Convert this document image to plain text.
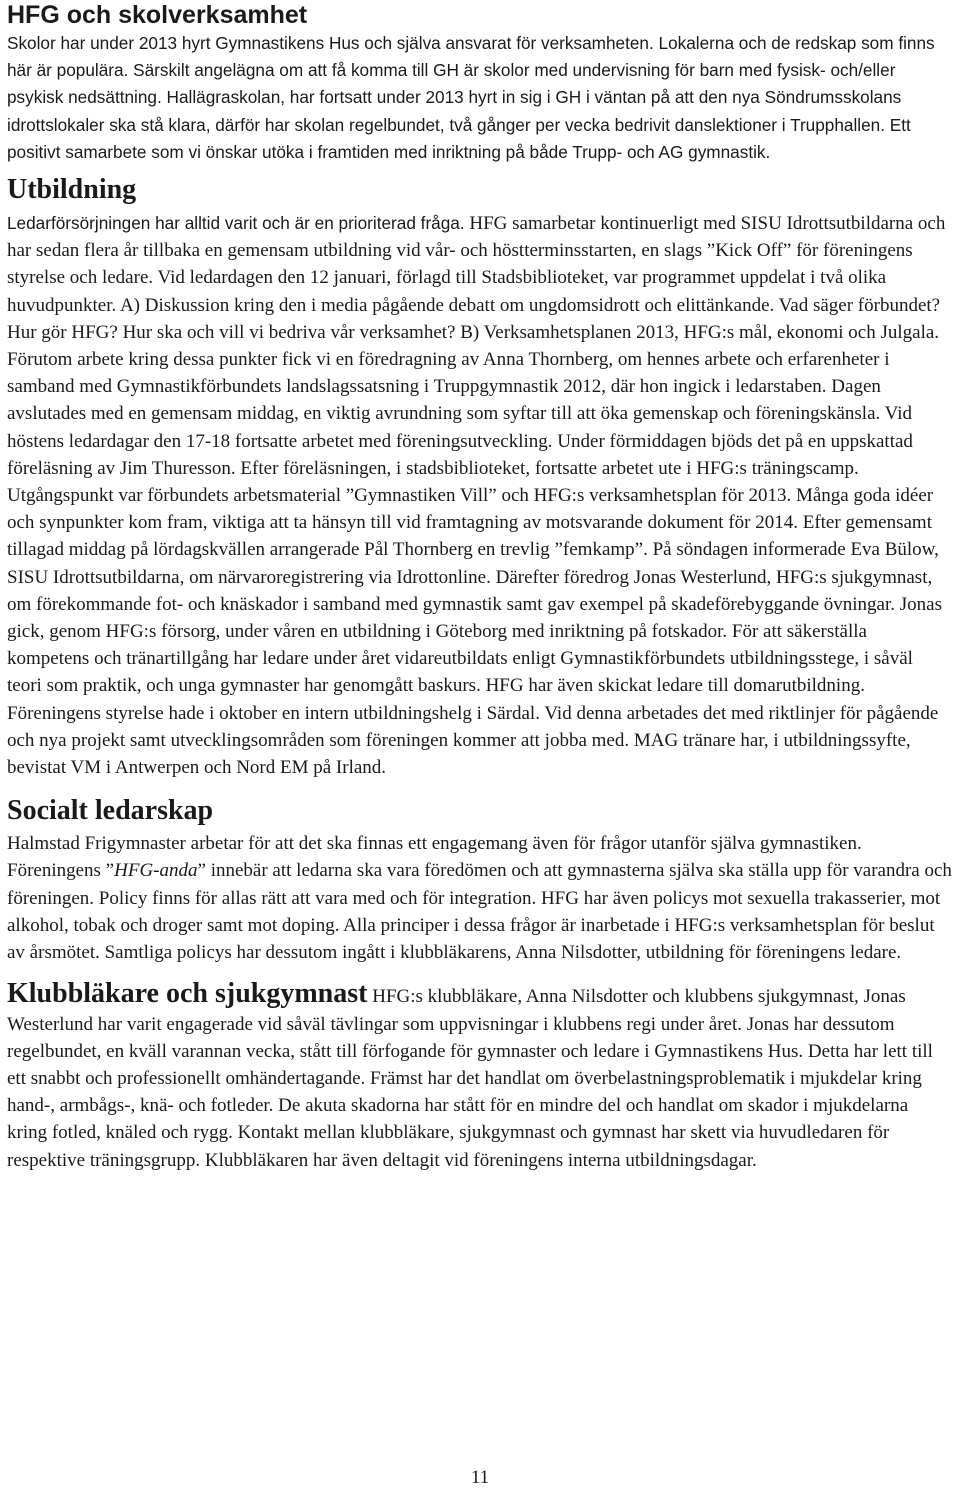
HFG och skolverksamhet

Skolor har under 2013 hyrt Gymnastikens Hus och själva ansvarat för verksamheten. Lokalerna och de redskap som finns här är populära. Särskilt angelägna om att få komma till GH är skolor med undervisning för barn med fysisk- och/eller psykisk nedsättning. Hallägraskolan, har fortsatt under 2013 hyrt in sig i GH i väntan på att den nya Söndrumsskolans idrottslokaler ska stå klara, därför har skolan regelbundet, två gånger per vecka bedrivit danslektioner i Trupphallen. Ett positivt samarbete som vi önskar utöka i framtiden med inriktning på både Trupp- och AG gymnastik.

Utbildning

Ledarförsörjningen har alltid varit och är en prioriterad fråga. HFG samarbetar kontinuerligt med SISU Idrottsutbildarna och har sedan flera år tillbaka en gemensam utbildning vid vår- och höstterminsstarten, en slags ”Kick Off” för föreningens styrelse och ledare. Vid ledardagen den 12 januari, förlagd till Stadsbiblioteket, var programmet uppdelat i två olika huvudpunkter. A) Diskussion kring den i media pågående debatt om ungdomsidrott och elittänkande. Vad säger förbundet? Hur gör HFG? Hur ska och vill vi bedriva vår verksamhet? B) Verksamhetsplanen 2013, HFG:s mål, ekonomi och Julgala. Förutom arbete kring dessa punkter fick vi en föredragning av Anna Thornberg, om hennes arbete och erfarenheter i samband med Gymnastikförbundets landslagssatsning i Truppgymnastik 2012, där hon ingick i ledarstaben. Dagen avslutades med en gemensam middag, en viktig avrundning som syftar till att öka gemenskap och föreningskänsla. Vid höstens ledardagar den 17-18 fortsatte arbetet med föreningsutveckling. Under förmiddagen bjöds det på en uppskattad föreläsning av Jim Thuresson. Efter föreläsningen, i stadsbiblioteket, fortsatte arbetet ute i HFG:s träningscamp. Utgångspunkt var förbundets arbetsmaterial ”Gymnastiken Vill” och HFG:s verksamhetsplan för 2013. Många goda idéer och synpunkter kom fram, viktiga att ta hänsyn till vid framtagning av motsvarande dokument för 2014. Efter gemensamt tillagad middag på lördagskvällen arrangerade Pål Thornberg en trevlig ”femkamp”. På söndagen informerade Eva Bülow, SISU Idrottsutbildarna, om närvaroregistrering via Idrottonline. Därefter föredrog Jonas Westerlund, HFG:s sjukgymnast, om förekommande fot- och knäskador i samband med gymnastik samt gav exempel på skadeförebyggande övningar. Jonas gick, genom HFG:s försorg, under våren en utbildning i Göteborg med inriktning på fotskador. För att säkerställa kompetens och tränartillgång har ledare under året vidareutbildats enligt Gymnastikförbundets utbildningsstege, i såväl teori som praktik, och unga gymnaster har genomgått baskurs. HFG har även skickat ledare till domarutbildning. Föreningens styrelse hade i oktober en intern utbildningshelg i Särdal. Vid denna arbetades det med riktlinjer för pågående och nya projekt samt utvecklingsområden som föreningen kommer att jobba med. MAG tränare har, i utbildningssyfte, bevistat VM i Antwerpen och Nord EM på Irland.

Socialt ledarskap

Halmstad Frigymnaster arbetar för att det ska finnas ett engagemang även för frågor utanför själva gymnastiken. Föreningens ”HFG-anda” innebär att ledarna ska vara föredömen och att gymnasterna själva ska ställa upp för varandra och föreningen. Policy finns för allas rätt att vara med och för integration. HFG har även policys mot sexuella trakasserier, mot alkohol, tobak och droger samt mot doping. Alla principer i dessa frågor är inarbetade i HFG:s verksamhetsplan för beslut av årsmötet. Samtliga policys har dessutom ingått i klubbläkarens, Anna Nilsdotter, utbildning för föreningens ledare.

Klubbläkare och sjukgymnast HFG:s klubbläkare, Anna Nilsdotter och klubbens sjukgymnast, Jonas Westerlund har varit engagerade vid såväl tävlingar som uppvisningar i klubbens regi under året. Jonas har dessutom regelbundet, en kväll varannan vecka, stått till förfogande för gymnaster och ledare i Gymnastikens Hus. Detta har lett till ett snabbt och professionellt omhändertagande. Främst har det handlat om överbelastningsproblematik i mjukdelar kring hand-, armbågs-, knä- och fotleder. De akuta skadorna har stått för en mindre del och handlat om skador i mjukdelarna kring fotled, knäled och rygg. Kontakt mellan klubbläkare, sjukgymnast och gymnast har skett via huvudledaren för respektive träningsgrupp. Klubbläkaren har även deltagit vid föreningens interna utbildningsdagar.

11
